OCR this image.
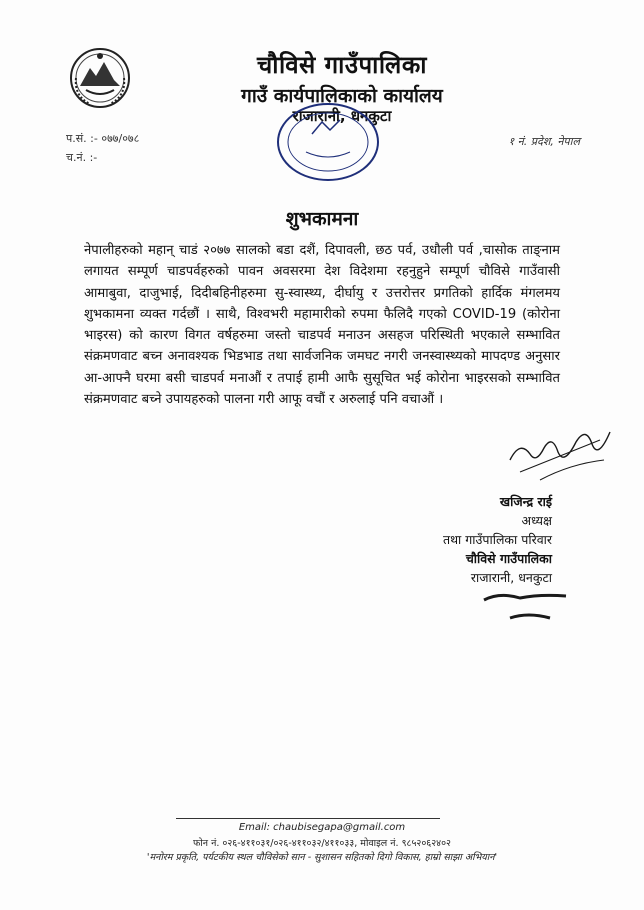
चौविसे गाउँपालिका
गाउँ कार्यपालिकाको कार्यालय
राजारानी, धनकुटा
प.सं. :- ०७७/०७८
च.नं. :-
१ नं. प्रदेश, नेपाल
शुभकामना
नेपालीहरुको महान् चाडं २०७७ सालको बडा दशैं, दिपावली, छठ पर्व, उधौली पर्व ,चासोक ताङ्नाम लगायत सम्पूर्ण चाडपर्वहरुको पावन अवसरमा देश विदेशमा रहनुहुने सम्पूर्ण चौविसे गाउँवासी आमाबुवा, दाजुभाई, दिदीबहिनीहरुमा सु-स्वास्थ्य, दीर्घायु र उत्तरोत्तर प्रगतिको हार्दिक मंगलमय शुभकामना व्यक्त गर्दछौं । साथै, विश्वभरी महामारीको रुपमा फैलिदै गएको COVID-19 (कोरोना भाइरस) को कारण विगत वर्षहरुमा जस्तो चाडपर्व मनाउन असहज परिस्थिती भएकाले सम्भावित संक्रमणवाट बच्न अनावश्यक भिडभाड तथा सार्वजनिक जमघट नगरी जनस्वास्थ्यको मापदण्ड अनुसार आ-आफ्नै घरमा बसी चाडपर्व मनाऔं र तपाई हामी आफै सुसूचित भई कोरोना भाइरसको सम्भावित संक्रमणवाट बच्ने उपायहरुको पालना गरी आफू वचौं र अरुलाई पनि वचाऔं ।
खजिन्द्र राई
अध्यक्ष
तथा गाउँपालिका परिवार
चौविसे गाउँपालिका
राजारानी, धनकुटा
Email: chaubisegapa@gmail.com
फोन नं. ०२६-४११०३१/०२६-४११०३२/४११०३३, मोवाइल नं. ९८५२०६२४०२
'मनोरम प्रकृति, पर्यटकीय स्थल चौविसेको सान - सुशासन सहितको दिगो विकास, हाम्रो साझा अभियान'
